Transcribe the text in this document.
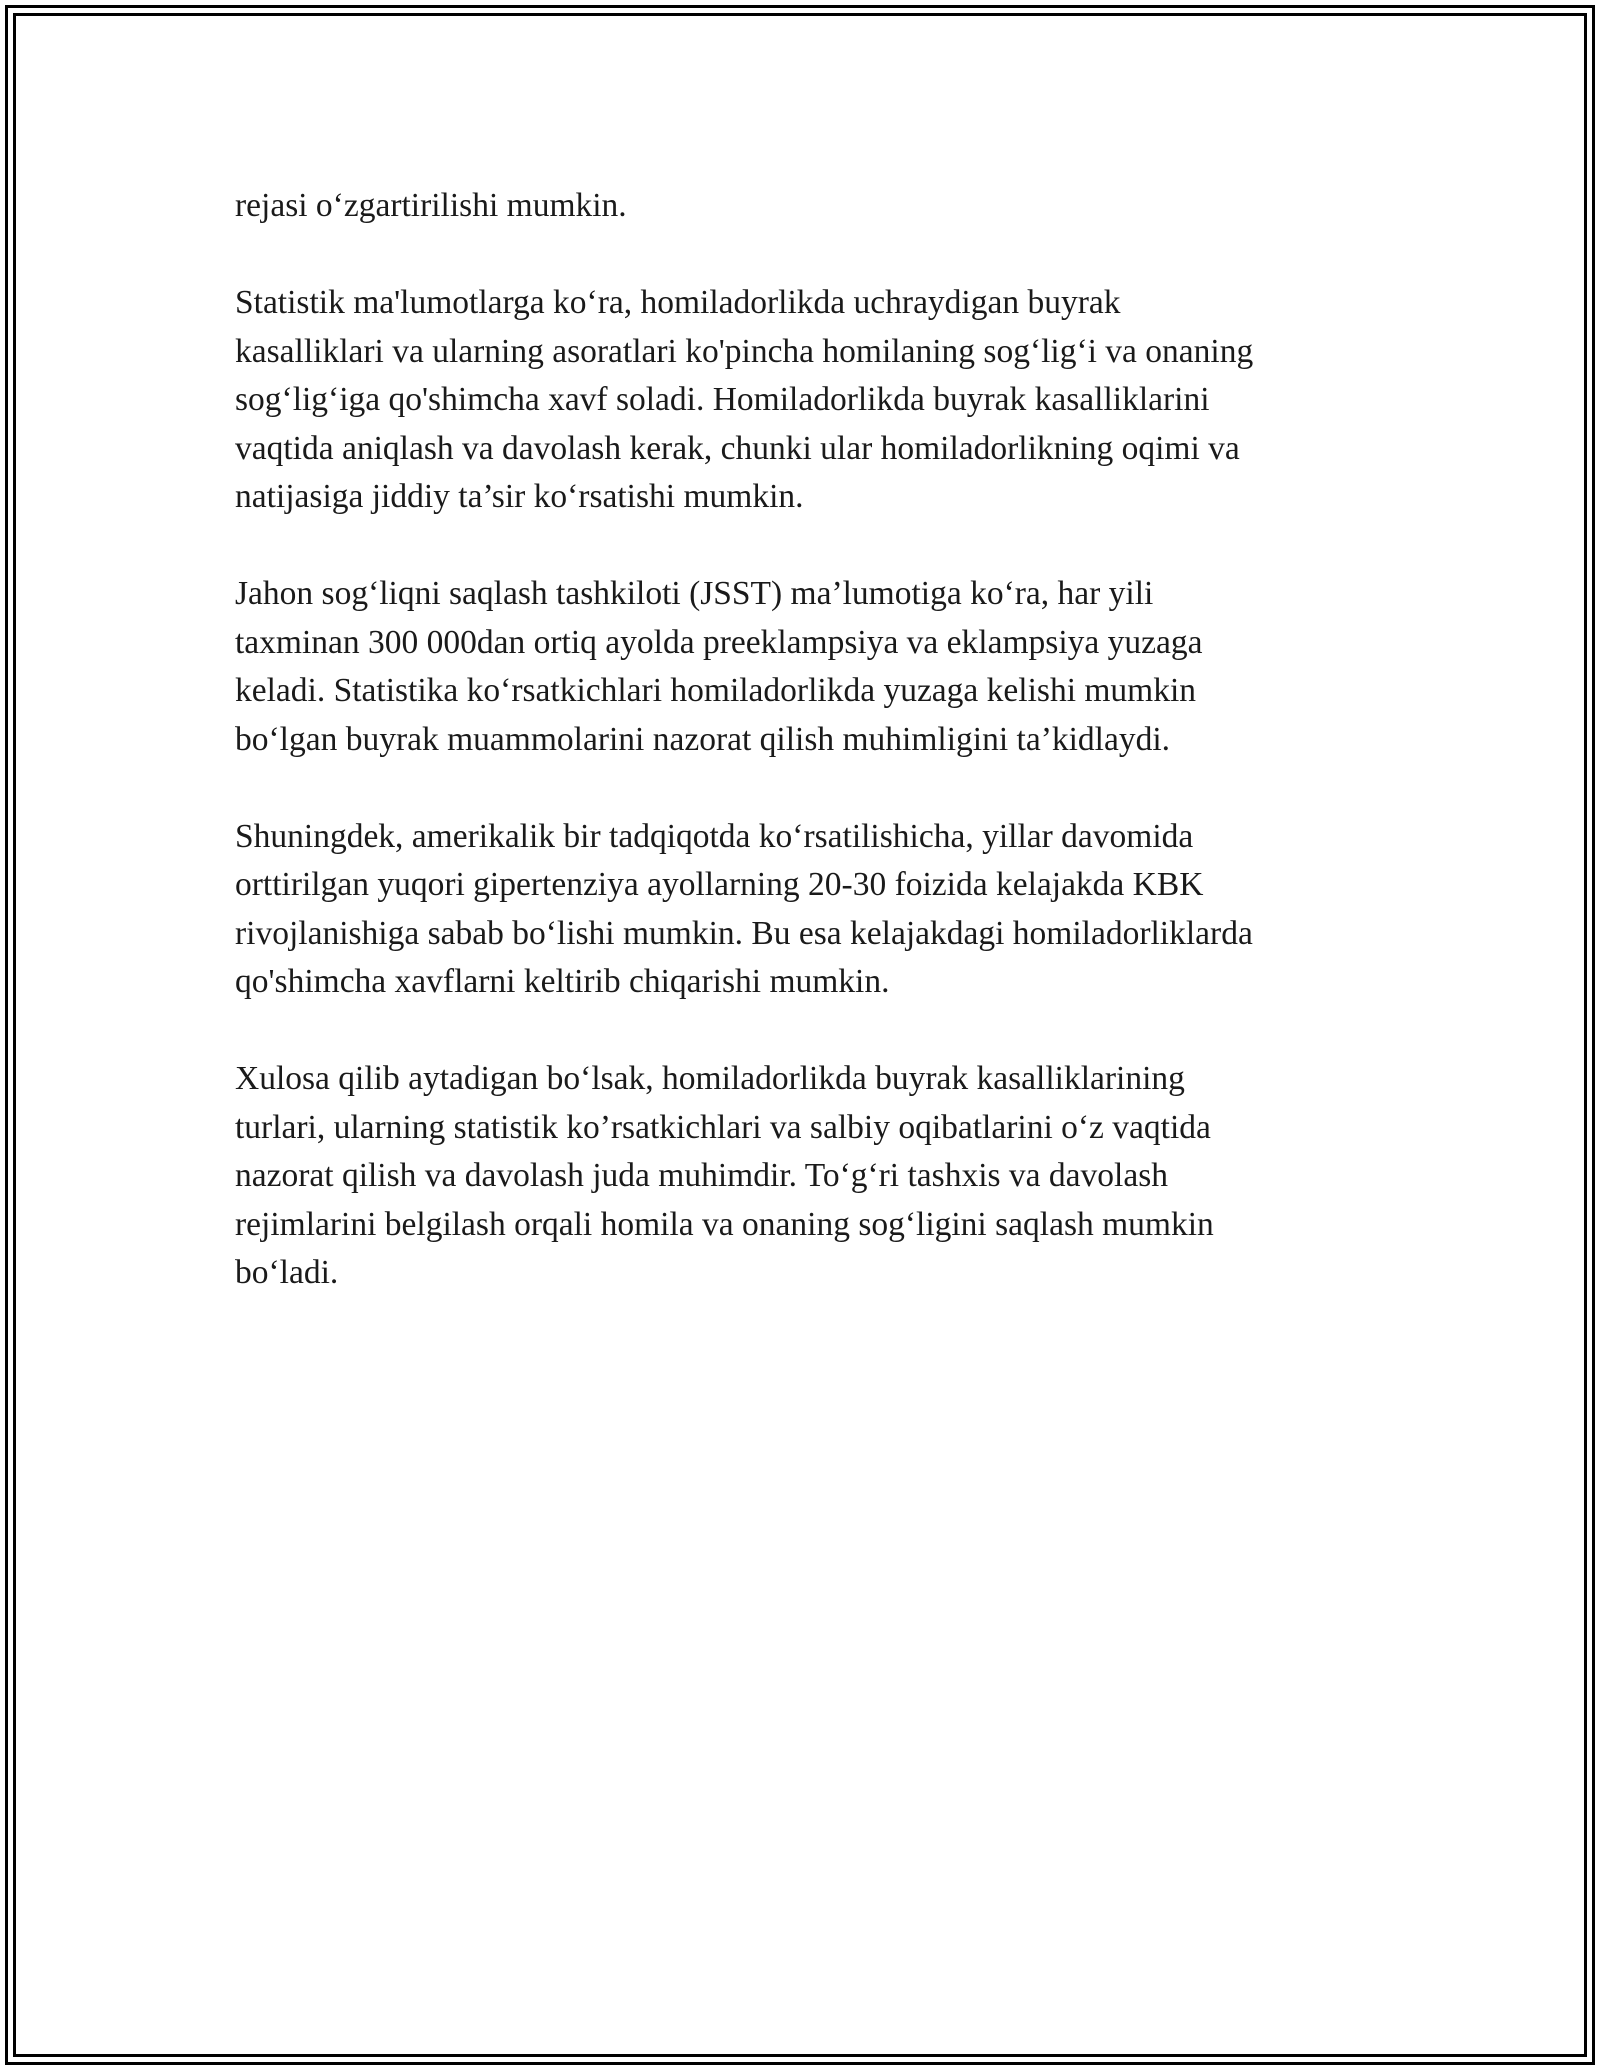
rejasi o‘zgartirilishi mumkin.

Statistik ma'lumotlarga ko‘ra, homiladorlikda uchraydigan buyrak
kasalliklari va ularning asoratlari ko'pincha homilaning sog‘lig‘i va onaning
sog‘lig‘iga qo'shimcha xavf soladi. Homiladorlikda buyrak kasalliklarini
vaqtida aniqlash va davolash kerak, chunki ular homiladorlikning oqimi va
natijasiga jiddiy ta’sir ko‘rsatishi mumkin.

Jahon sog‘liqni saqlash tashkiloti (JSST) ma’lumotiga ko‘ra, har yili
taxminan 300 000dan ortiq ayolda preeklampsiya va eklampsiya yuzaga
keladi. Statistika ko‘rsatkichlari homiladorlikda yuzaga kelishi mumkin
bo‘lgan buyrak muammolarini nazorat qilish muhimligini ta’kidlaydi.

Shuningdek, amerikalik bir tadqiqotda ko‘rsatilishicha, yillar davomida
orttirilgan yuqori gipertenziya ayollarning 20-30 foizida kelajakda KBK
rivojlanishiga sabab bo‘lishi mumkin. Bu esa kelajakdagi homiladorliklarda
qo'shimcha xavflarni keltirib chiqarishi mumkin.

Xulosa qilib aytadigan bo‘lsak, homiladorlikda buyrak kasalliklarining
turlari, ularning statistik ko’rsatkichlari va salbiy oqibatlarini o‘z vaqtida
nazorat qilish va davolash juda muhimdir. To‘g‘ri tashxis va davolash
rejimlarini belgilash orqali homila va onaning sog‘ligini saqlash mumkin
bo‘ladi.
